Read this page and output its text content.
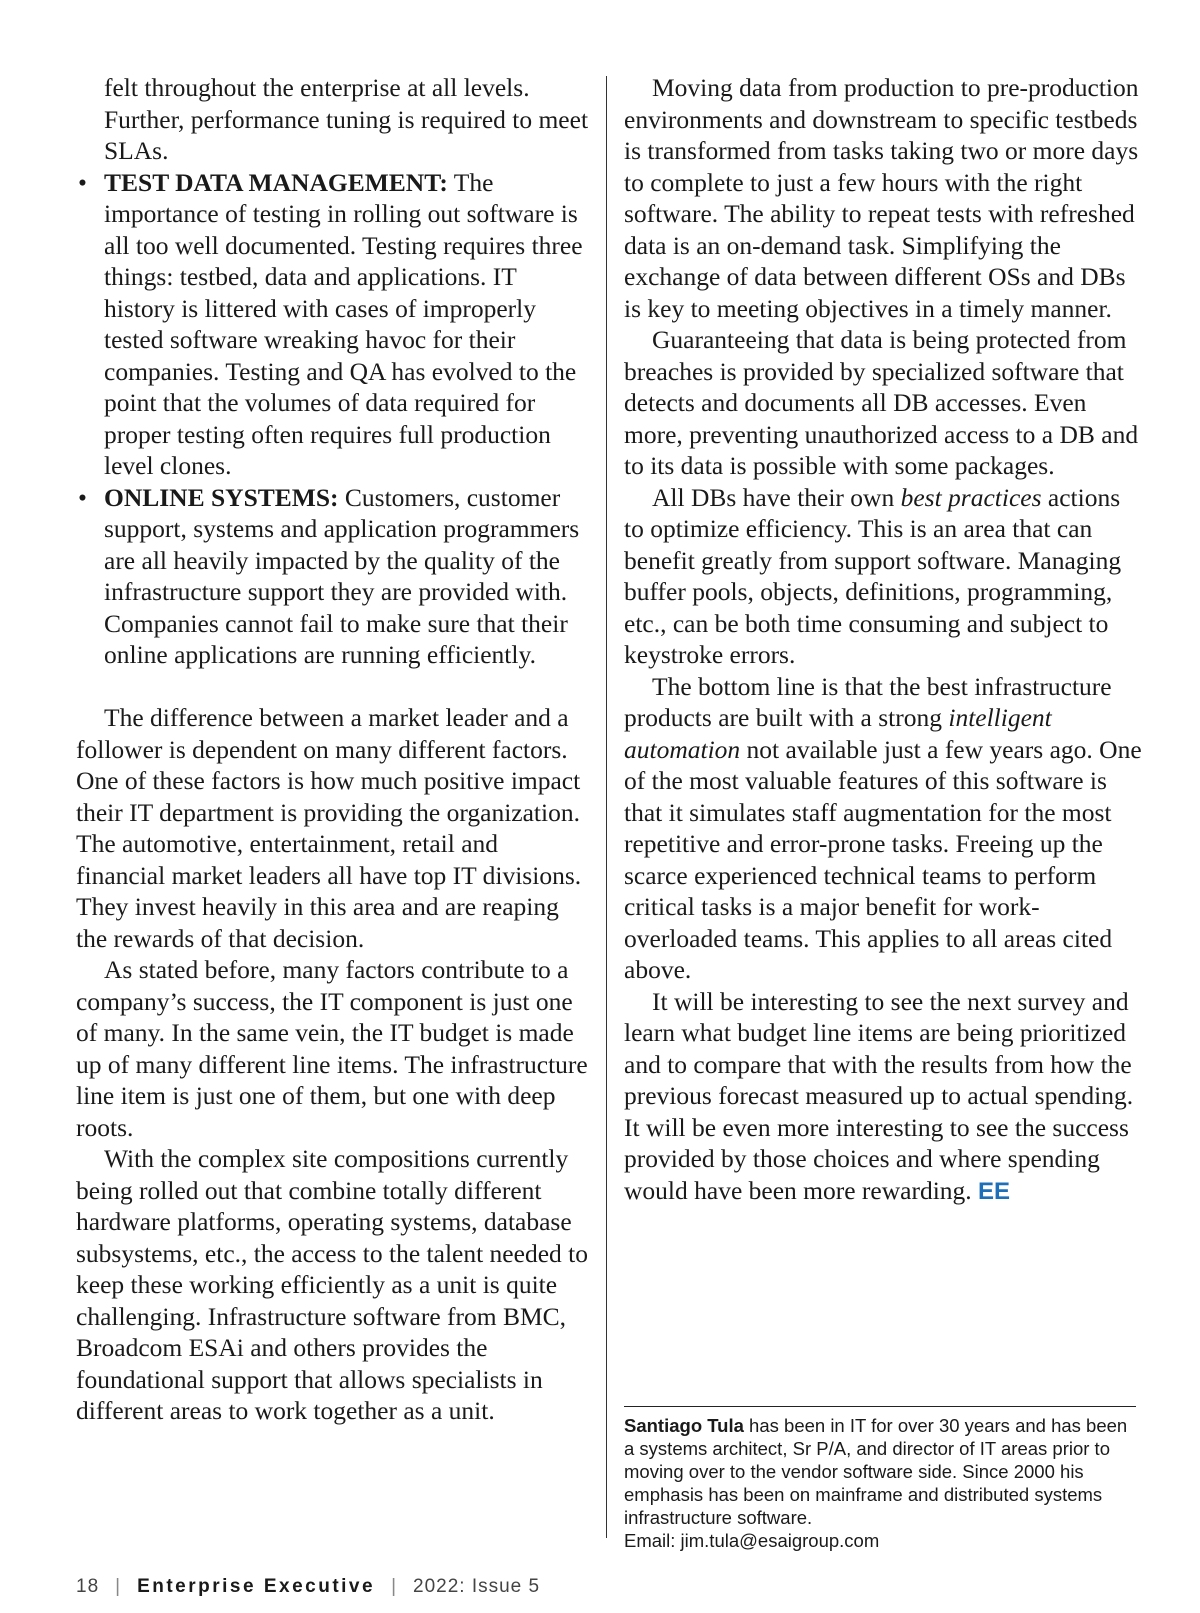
felt throughout the enterprise at all levels. Further, performance tuning is required to meet SLAs.

• TEST DATA MANAGEMENT: The importance of testing in rolling out software is all too well documented. Testing requires three things: testbed, data and applications. IT history is littered with cases of improperly tested software wreaking havoc for their companies. Testing and QA has evolved to the point that the volumes of data required for proper testing often requires full production level clones.
• ONLINE SYSTEMS: Customers, customer support, systems and application programmers are all heavily impacted by the quality of the infrastructure support they are provided with. Companies cannot fail to make sure that their online applications are running efficiently.

The difference between a market leader and a follower is dependent on many different factors. One of these factors is how much positive impact their IT department is providing the organization. The automotive, entertainment, retail and financial market leaders all have top IT divisions. They invest heavily in this area and are reaping the rewards of that decision.

As stated before, many factors contribute to a company’s success, the IT component is just one of many. In the same vein, the IT budget is made up of many different line items. The infrastructure line item is just one of them, but one with deep roots.

With the complex site compositions currently being rolled out that combine totally different hardware platforms, operating systems, database subsystems, etc., the access to the talent needed to keep these working efficiently as a unit is quite challenging. Infrastructure software from BMC, Broadcom ESAi and others provides the foundational support that allows specialists in different areas to work together as a unit.

Moving data from production to pre-production environments and downstream to specific testbeds is transformed from tasks taking two or more days to complete to just a few hours with the right software. The ability to repeat tests with refreshed data is an on-demand task. Simplifying the exchange of data between different OSs and DBs is key to meeting objectives in a timely manner.

Guaranteeing that data is being protected from breaches is provided by specialized software that detects and documents all DB accesses. Even more, preventing unauthorized access to a DB and to its data is possible with some packages.

All DBs have their own best practices actions to optimize efficiency. This is an area that can benefit greatly from support software. Managing buffer pools, objects, definitions, programming, etc., can be both time consuming and subject to keystroke errors.

The bottom line is that the best infrastructure products are built with a strong intelligent automation not available just a few years ago. One of the most valuable features of this software is that it simulates staff augmentation for the most repetitive and error-prone tasks. Freeing up the scarce experienced technical teams to perform critical tasks is a major benefit for work-overloaded teams. This applies to all areas cited above.

It will be interesting to see the next survey and learn what budget line items are being prioritized and to compare that with the results from how the previous forecast measured up to actual spending. It will be even more interesting to see the success provided by those choices and where spending would have been more rewarding. EE

Santiago Tula has been in IT for over 30 years and has been a systems architect, Sr P/A, and director of IT areas prior to moving over to the vendor software side. Since 2000 his emphasis has been on mainframe and distributed systems infrastructure software.
Email: jim.tula@esaigroup.com
18 | Enterprise Executive | 2022: Issue 5
